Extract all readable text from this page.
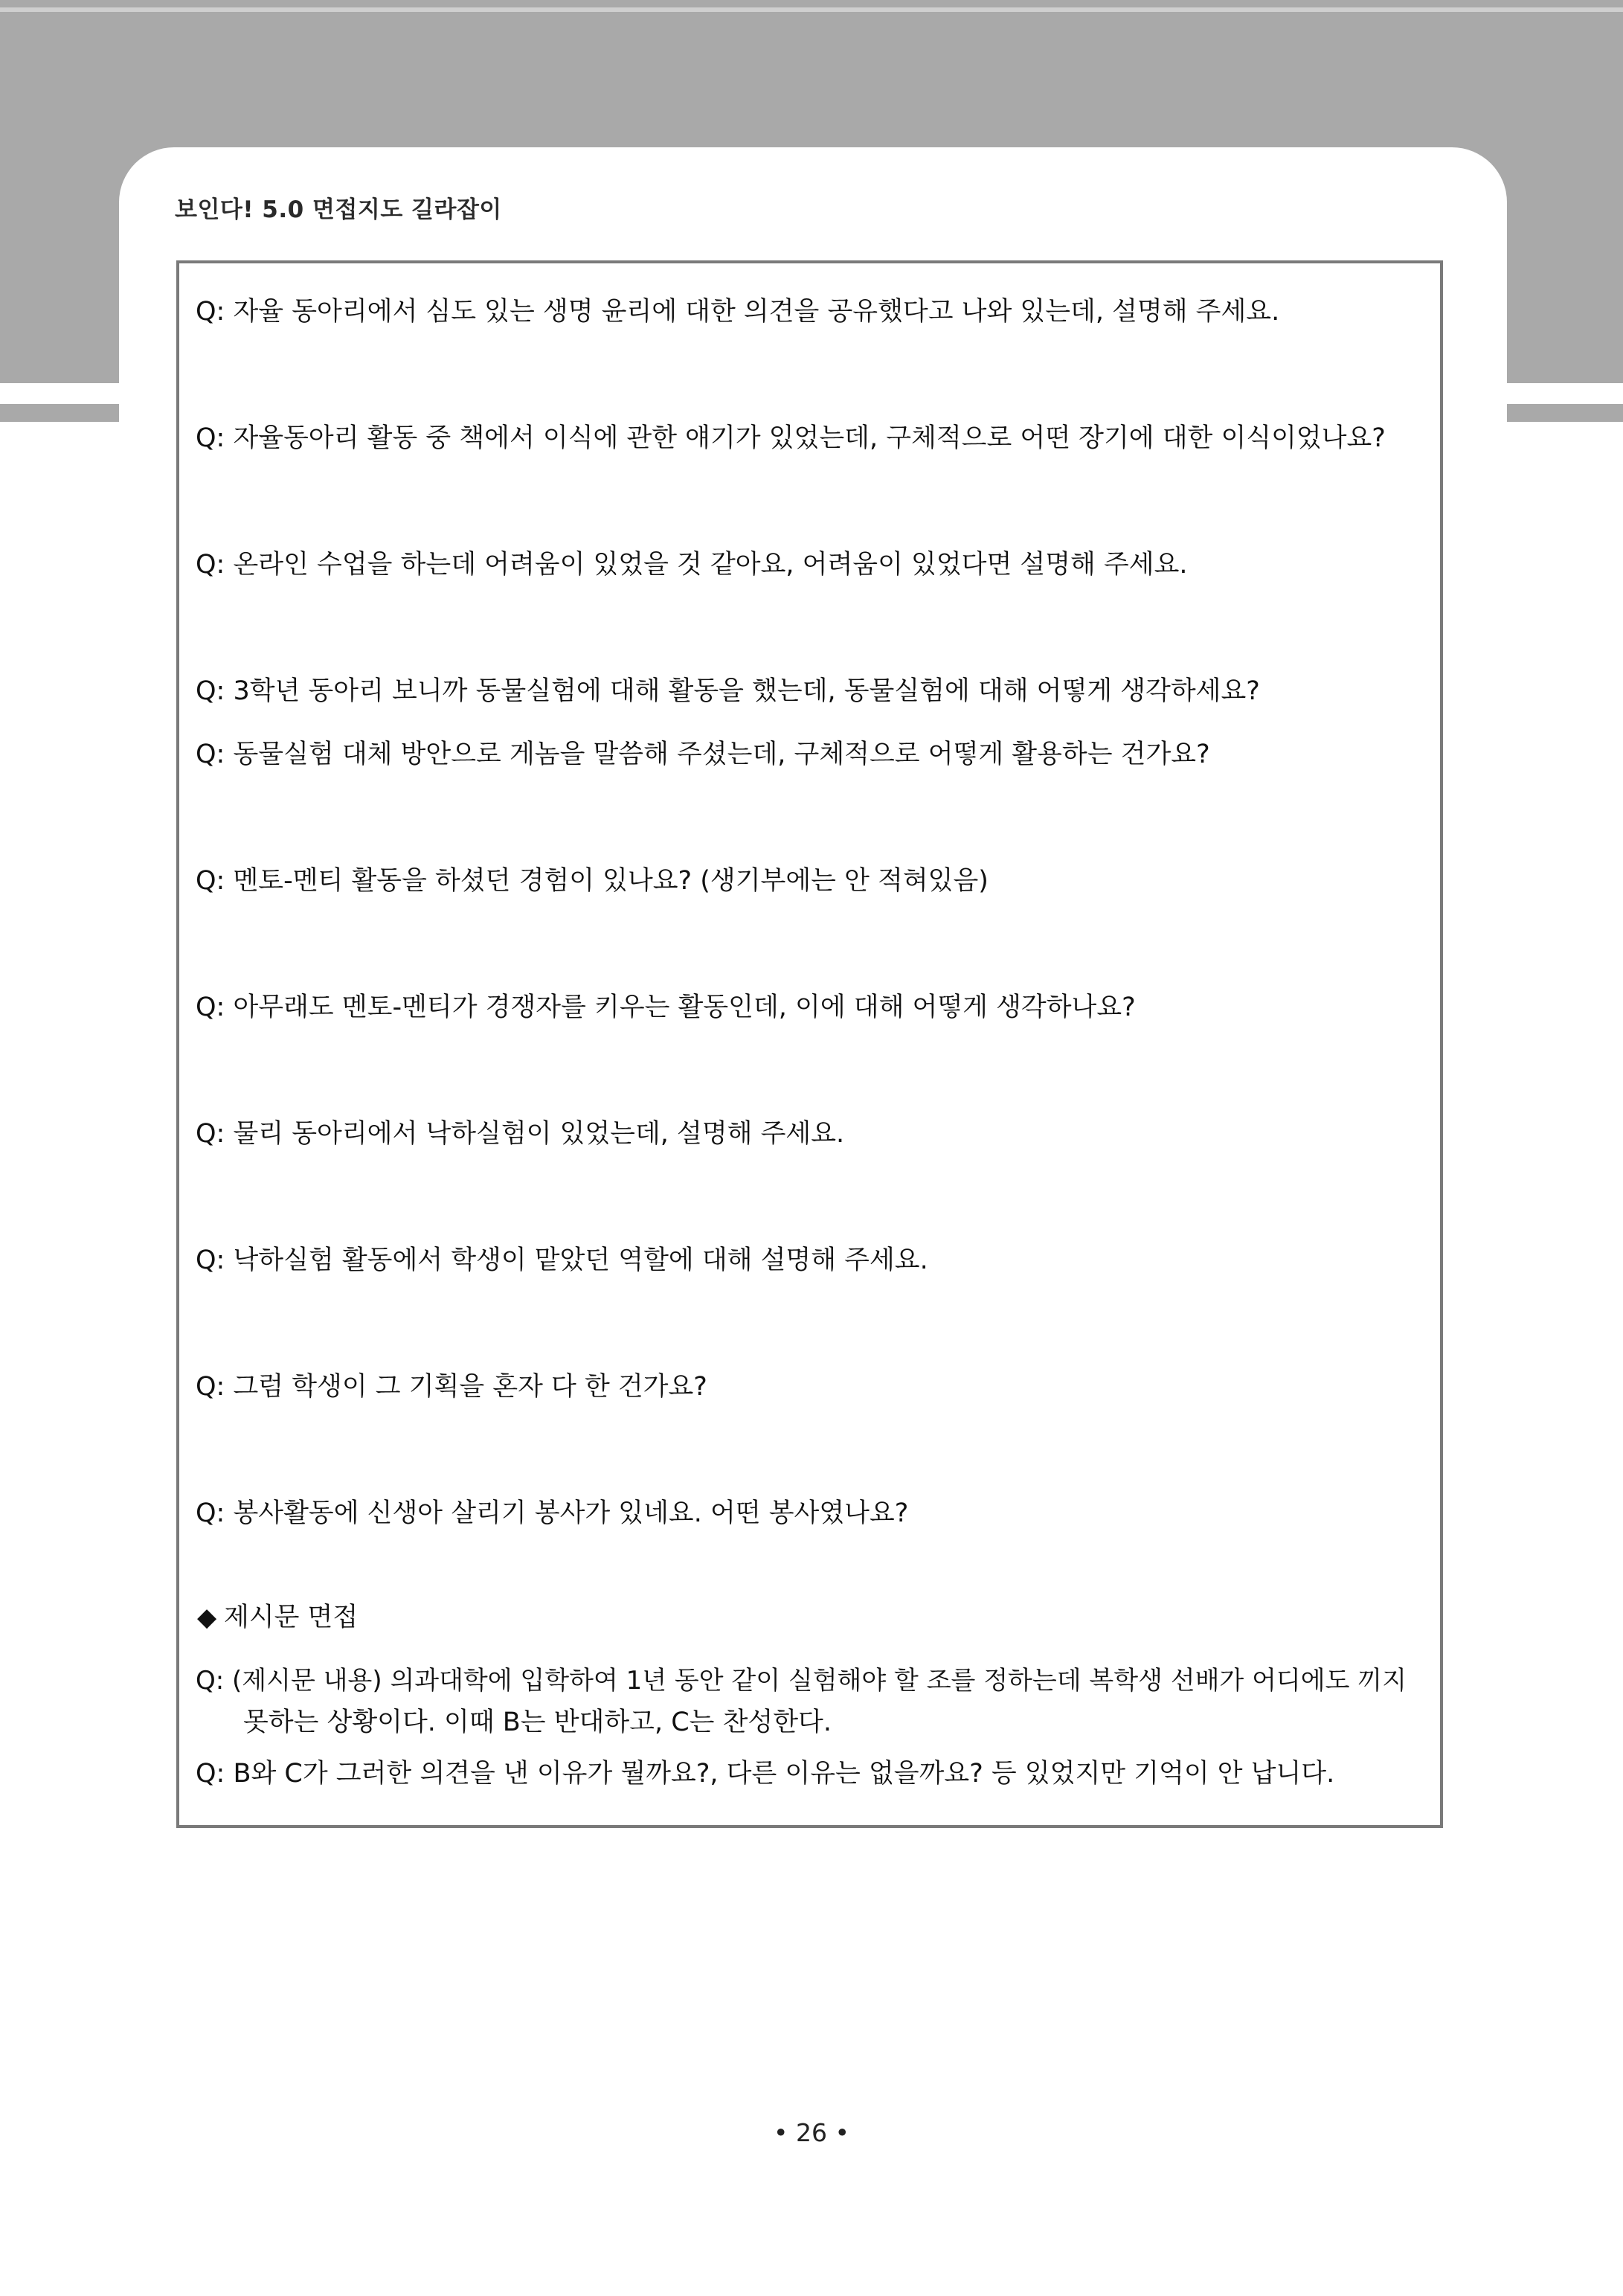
보인다! 5.0 면접지도 길라잡이

Q: 자율 동아리에서 심도 있는 생명 윤리에 대한 의견을 공유했다고 나와 있는데, 설명해 주세요.

Q: 자율동아리 활동 중 책에서 이식에 관한 얘기가 있었는데, 구체적으로 어떤 장기에 대한 이식이었나요?

Q: 온라인 수업을 하는데 어려움이 있었을 것 같아요, 어려움이 있었다면 설명해 주세요.

Q: 3학년 동아리 보니까 동물실험에 대해 활동을 했는데, 동물실험에 대해 어떻게 생각하세요?

Q: 동물실험 대체 방안으로 게놈을 말씀해 주셨는데, 구체적으로 어떻게 활용하는 건가요?

Q: 멘토-멘티 활동을 하셨던 경험이 있나요? (생기부에는 안 적혀있음)

Q: 아무래도 멘토-멘티가 경쟁자를 키우는 활동인데, 이에 대해 어떻게 생각하나요?

Q: 물리 동아리에서 낙하실험이 있었는데, 설명해 주세요.

Q: 낙하실험 활동에서 학생이 맡았던 역할에 대해 설명해 주세요.

Q: 그럼 학생이 그 기획을 혼자 다 한 건가요?

Q: 봉사활동에 신생아 살리기 봉사가 있네요. 어떤 봉사였나요?

◆ 제시문 면접

Q: (제시문 내용) 의과대학에 입학하여 1년 동안 같이 실험해야 할 조를 정하는데 복학생 선배가 어디에도 끼지

못하는 상황이다. 이때 B는 반대하고, C는 찬성한다.

Q: B와 C가 그러한 의견을 낸 이유가 뭘까요?, 다른 이유는 없을까요? 등 있었지만 기억이 안 납니다.

• 26 •
